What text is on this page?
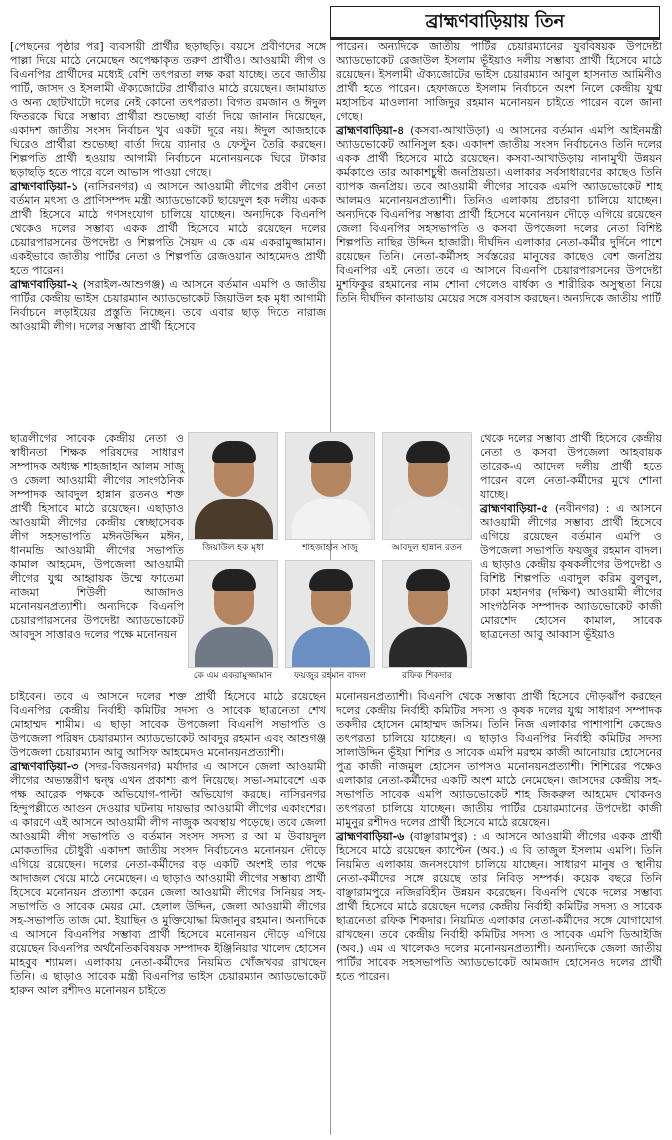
ব্রাহ্মণবাড়িয়ায় তিন

[পেছনের পৃষ্ঠার পর] ব্যবসায়ী প্রার্থীর ছড়াছড়ি। বয়সে প্রবীণদের সঙ্গে পাল্লা দিয়ে মাঠে নেমেছেন অপেক্ষাকৃত তরুণ প্রার্থীও। আওয়ামী লীগ ও বিএনপির প্রার্থীদের মধ্যেই বেশি তৎপরতা লক্ষ করা যাচ্ছে। তবে জাতীয় পার্টি, জাসদ ও ইসলামী ঐক্যজোটের প্রার্থীরাও মাঠে রয়েছেন। জামায়াত ও অন্য ছোটখাটো দলের নেই কোনো তৎপরতা। বিগত রমজান ও ঈদুল ফিতরকে ঘিরে সম্ভাব্য প্রার্থীরা শুভেচ্ছা বার্তা দিয়ে জানান দিয়েছেন, একাদশ জাতীয় সংসদ নির্বাচন খুব একটা দূরে নয়। ঈদুল আজহাকে ঘিরেও প্রার্থীরা শুভেচ্ছা বার্তা দিয়ে ব্যানার ও ফেস্টুন তৈরি করছেন। শিল্পপতি প্রার্থী হওয়ায় আগামী নির্বাচনে মনোনয়নকে ঘিরে টাকার ছড়াছড়ি হতে পারে বলে আভাস পাওয়া গেছে।

ব্রাহ্মণবাড়িয়া-১ (নাসিরনগর) এ আসনে আওয়ামী লীগের প্রবীণ নেতা বর্তমান মৎস্য ও প্রাণিসম্পদ মন্ত্রী অ্যাডভোকেট ছায়েদুল হক দলীয় একক প্রার্থী হিসেবে মাঠে গণসংযোগ চালিয়ে যাচ্ছেন। অন্যদিকে বিএনপি থেকেও দলের সম্ভাব্য একক প্রার্থী হিসেবে মাঠে রয়েছেন দলের চেয়ারপারসনের উপদেষ্টা ও শিল্পপতি সৈয়দ এ কে এম একরামুজ্জামান। একইভাবে জাতীয় পার্টির নেতা ও শিল্পপতি রেজওয়ান আহমেদও প্রার্থী হতে পারেন।

ব্রাহ্মণবাড়িয়া-২ (সরাইল-আশুগঞ্জ) এ আসনে বর্তমান এমপি ও জাতীয় পার্টির কেন্দ্রীয় ভাইস চেয়ারম্যান অ্যাডভোকেট জিয়াউল হক মৃধা আগামী নির্বাচনে লড়াইয়ের প্রস্তুতি নিচ্ছেন। তবে এবার ছাড় দিতে নারাজ আওয়ামী লীগ। দলের সম্ভাব্য প্রার্থী হিসেবে

ছাত্রলীগের সাবেক কেন্দ্রীয় নেতা ও স্বাধীনতা শিক্ষক পরিষদের সাধারণ সম্পাদক অধ্যক্ষ শাহজাহান আলম সাজু ও জেলা আওয়ামী লীগের সাংগঠনিক সম্পাদক আবদুল হান্নান রতনও শক্ত প্রার্থী হিসাবে মাঠে রয়েছেন। এছাড়াও আওয়ামী লীগের কেন্দ্রীয় স্বেচ্ছাসেবক লীগ সহসভাপতি মঈনউদ্দিন মঈন, ধানমন্ডি আওয়ামী লীগের সভাপতি কামাল আহমেদ, উপজেলা আওয়ামী লীগের যুগ্ম আহ্বায়ক উম্মে ফাতেমা নাজমা শিউলী আজাদও মনোনয়নপ্রত্যাশী। অন্যদিকে বিএনপি চেয়ারপারসনের উপদেষ্টা অ্যাডভোকেট আবদুস সাত্তারও দলের পক্ষে মনোনয়ন

চাইবেন। তবে এ আসনে দলের শক্ত প্রার্থী হিসেবে মাঠে রয়েছেন বিএনপির কেন্দ্রীয় নির্বাহী কমিটির সদস্য ও সাবেক ছাত্রনেতা শেখ মোহাম্মদ শামীম। এ ছাড়া সাবেক উপজেলা বিএনপি সভাপতি ও উপজেলা পরিষদ চেয়ারম্যান অ্যাডভোকেট আবদুর রহমান এবং আশুগঞ্জ উপজেলা চেয়ারম্যান আবু আসিফ আহমেদও মনোনয়নপ্রত্যাশী।

ব্রাহ্মণবাড়িয়া-৩ (সদর-বিজয়নগর) মর্যাদার এ আসনে জেলা আওয়ামী লীগের অভ্যন্তরীণ দ্বন্দ্ব এখন প্রকাশ্য রূপ নিয়েছে। সভা-সমাবেশে এক পক্ষ আরেক পক্ষকে অভিযোগ-পাল্টা অভিযোগ করছে। নাসিরনগর হিন্দুপল্লীতে আগুন দেওয়ার ঘটনায় দায়ভার আওয়ামী লীগের একাংশের। এ কারণে এই আসনে আওয়ামী লীগ নাজুক অবস্থায় পড়েছে। তবে জেলা আওয়ামী লীগ সভাপতি ও বর্তমান সংসদ সদস্য র আ ম উবায়দুল মোকতাদির চৌধুরী একাদশ জাতীয় সংসদ নির্বাচনেও মনোনয়ন দৌড়ে এগিয়ে রয়েছেন। দলের নেতা-কর্মীদের বড় একটি অংশই তার পক্ষে আদাজল খেয়ে মাঠে নেমেছেন। এ ছাড়াও আওয়ামী লীগের সম্ভাব্য প্রার্থী হিসেবে মনোনয়ন প্রত্যাশা করেন জেলা আওয়ামী লীগের সিনিয়র সহ-সভাপতি ও সাবেক মেয়র মো. হেলাল উদ্দিন, জেলা আওয়ামী লীগের সহ-সভাপতি তাজ মো. ইয়াছিন ও মুক্তিযোদ্ধা মিজানুর রহমান। অন্যদিকে এ আসনে বিএনপির সম্ভাব্য প্রার্থী হিসেবে মনোনয়ন দৌড়ে এগিয়ে রয়েছেন বিএনপির অর্থনৈতিকবিষয়ক সম্পাদক ইঞ্জিনিয়ার খালেদ হোসেন মাহবুব শ্যামল। এলাকায় নেতা-কর্মীদের নিয়মিত খোঁজখবর রাখছেন তিনি। এ ছাড়াও সাবেক মন্ত্রী বিএনপির ভাইস চেয়ারম্যান অ্যাডভোকেট হারুন আল রশীদও মনোনয়ন চাইতে

পারেন। অন্যদিকে জাতীয় পার্টির চেয়ারম্যানের যুববিষয়ক উপদেষ্টা অ্যাডভোকেট রেজাউল ইসলাম ভূঁইয়াও দলীয় সম্ভাব্য প্রার্থী হিসেবে মাঠে রয়েছেন। ইসলামী ঐক্যজোটের ভাইস চেয়ারম্যান আবুল হাসনাত আমিনীও প্রার্থী হতে পারেন। হেফাজতে ইসলাম নির্বাচনে অংশ নিলে কেন্দ্রীয় যুগ্ম মহাসচিব মাওলানা সাজিদুর রহমান মনোনয়ন চাইতে পারেন বলে জানা গেছে।

ব্রাহ্মণবাড়িয়া-৪ (কসবা-আখাউড়া) এ আসনের বর্তমান এমপি আইনমন্ত্রী অ্যাডভোকেট আনিসুল হক। একাদশ জাতীয় সংসদ নির্বাচনেও তিনি দলের একক প্রার্থী হিসেবে মাঠে রয়েছেন। কসবা-আখাউড়ায় নানামুখী উন্নয়ন কর্মকাণ্ডে তার আকাশচুম্বী জনপ্রিয়তা। এলাকার সর্বসাধারণের কাছেও তিনি ব্যাপক জনপ্রিয়। তবে আওয়ামী লীগের সাবেক এমপি অ্যাডভোকেট শাহ আলমও মনোনয়নপ্রত্যাশী। তিনিও এলাকায় প্রচারণা চালিয়ে যাচ্ছেন। অন্যদিকে বিএনপির সম্ভাব্য প্রার্থী হিসেবে মনোনয়ন দৌড়ে এগিয়ে রয়েছেন জেলা বিএনপির সহসভাপতি ও কসবা উপজেলা দলের নেতা বিশিষ্ট শিল্পপতি নাছির উদ্দিন হাজারী। দীর্ঘদিন এলাকার নেতা-কর্মীর দুর্দিনে পাশে রয়েছেন তিনি। নেতা-কর্মীসহ সর্বস্তরের মানুষের কাছেও বেশ জনপ্রিয় বিএনপির এই নেতা। তবে এ আসনে বিএনপি চেয়ারপারসনের উপদেষ্টা মুশফিকুর রহমানের নাম শোনা গেলেও বার্ধক্য ও শারীরিক অসুস্থতা নিয়ে তিনি দীর্ঘদিন কানাডায় মেয়ের সঙ্গে বসবাস করছেন। অন্যদিকে জাতীয় পার্টি

থেকে দলের সম্ভাব্য প্রার্থী হিসেবে কেন্দ্রীয় নেতা ও কসবা উপজেলা আহবায়ক তারেক-এ আদেল দলীয় প্রার্থী হতে পারেন বলে নেতা-কর্মীদের মুখে শোনা যাচ্ছে।

ব্রাহ্মণবাড়িয়া-৫ (নবীনগর) : এ আসনে আওয়ামী লীগের সম্ভাব্য প্রার্থী হিসেবে এগিয়ে রয়েছেন বর্তমান এমপি ও উপজেলা সভাপতি ফয়জুর রহমান বাদল। এ ছাড়াও কেন্দ্রীয় কৃষকলীগের উপদেষ্টা ও বিশিষ্ট শিল্পপতি এবাদুল করিম বুলবুল, ঢাকা মহানগর (দক্ষিণ) আওয়ামী লীগের সাংগঠনিক সম্পাদক অ্যাডভোকেট কাজী মোরশেদ হোসেন কামাল, সাবেক ছাত্রনেতা আবু আব্বাস ভূঁইয়াও

মনোনয়নপ্রত্যাশী। বিএনপি থেকে সম্ভাব্য প্রার্থী হিসেবে দৌড়ঝাঁপ করছেন দলের কেন্দ্রীয় নির্বাহী কমিটির সদস্য ও কৃষক দলের যুগ্ম সাধারণ সম্পাদক তকদীর হোসেন মোহাম্মদ জসিম। তিনি নিজ এলাকার পাশাপাশি কেন্দ্রেও তৎপরতা চালিয়ে যাচ্ছেন। এ ছাড়াও বিএনপির নির্বাহী কমিটির সদস্য সালাউদ্দিন ভূঁইয়া শিশির ও সাবেক এমপি মরহুম কাজী আনোয়ার হোসেনের পুত্র কাজী নাজমুল হোসেন তাপসও মনোনয়নপ্রত্যাশী। শিশিরের পক্ষেও এলাকার নেতা-কর্মীদের একটি অংশ মাঠে নেমেছেন। জাসদের কেন্দ্রীয় সহ-সভাপতি সাবেক এমপি অ্যাডভোকেট শাহ জিকরুল আহমেদ খোকনও তৎপরতা চালিয়ে যাচ্ছেন। জাতীয় পার্টির চেয়ারম্যানের উপদেষ্টা কাজী মামুনুর রশীদও দলের প্রার্থী হিসেবে মাঠে রয়েছেন।

ব্রাহ্মণবাড়িয়া-৬ (বাঞ্ছারামপুর) : এ আসনে আওয়ামী লীগের একক প্রার্থী হিসেবে মাঠে রয়েছেন ক্যাপ্টেন (অব.) এ বি তাজুল ইসলাম এমপি। তিনি নিয়মিত এলাকায় জনসংযোগ চালিয়ে যাচ্ছেন। সাধারণ মানুষ ও স্থানীয় নেতা-কর্মীদের সঙ্গে রয়েছে তার নিবিড় সম্পর্ক। কয়েক বছরে তিনি বাঞ্ছারামপুরে নজিরবিহীন উন্নয়ন করেছেন। বিএনপি থেকে দলের সম্ভাব্য প্রার্থী হিসেবে মাঠে রয়েছেন দলের কেন্দ্রীয় নির্বাহী কমিটির সদস্য ও সাবেক ছাত্রনেতা রফিক শিকদার। নিয়মিত এলাকার নেতা-কর্মীদের সঙ্গে যোগাযোগ রাখছেন। তবে কেন্দ্রীয় নির্বাহী কমিটির সদস্য ও সাবেক এমপি ডিআইজি (অব.) এম এ খালেকও দলের মনোনয়নপ্রত্যাশী। অন্যদিকে জেলা জাতীয় পার্টির সাবেক সহসভাপতি অ্যাডভোকেট আমজাদ হোসেনও দলের প্রার্থী হতে পারেন।

জিয়াউল হক মৃধা	শাহজাহান সাজু	আবদুল হান্নান রতন
কে এম একরামুজ্জামান	ফয়জুর রহমান বাদল	রফিক শিকদার
